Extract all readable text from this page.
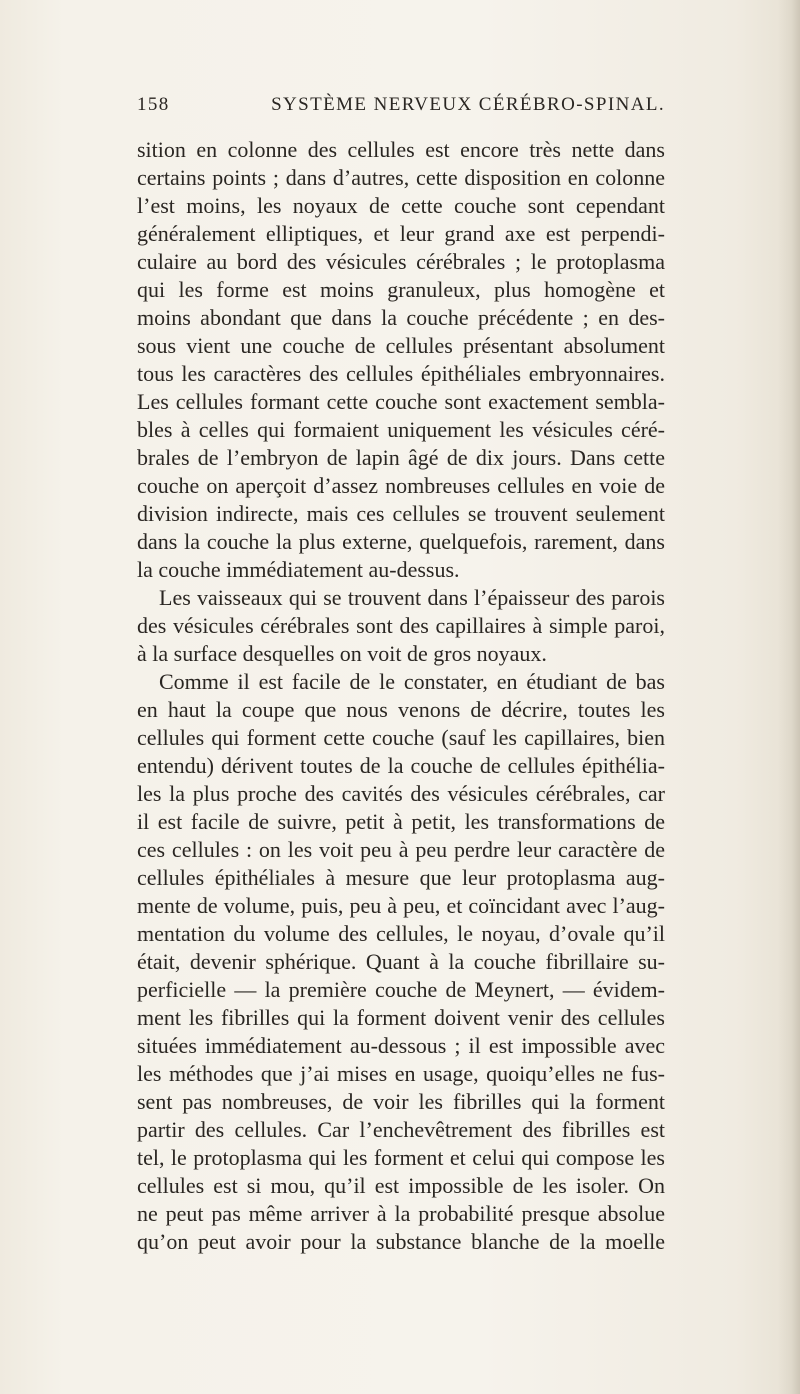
158	SYSTÈME NERVEUX CÉRÉBRO-SPINAL.
sition en colonne des cellules est encore très nette dans
certains points ; dans d’autres, cette disposition en colonne
l’est moins, les noyaux de cette couche sont cependant
généralement elliptiques, et leur grand axe est perpendi-
culaire au bord des vésicules cérébrales ; le protoplasma
qui les forme est moins granuleux, plus homogène et
moins abondant que dans la couche précédente ; en des-
sous vient une couche de cellules présentant absolument
tous les caractères des cellules épithéliales embryonnaires.
Les cellules formant cette couche sont exactement sembla-
bles à celles qui formaient uniquement les vésicules céré-
brales de l’embryon de lapin âgé de dix jours. Dans cette
couche on aperçoit d’assez nombreuses cellules en voie de
division indirecte, mais ces cellules se trouvent seulement
dans la couche la plus externe, quelquefois, rarement, dans
la couche immédiatement au-dessus.
Les vaisseaux qui se trouvent dans l’épaisseur des parois
des vésicules cérébrales sont des capillaires à simple paroi,
à la surface desquelles on voit de gros noyaux.
Comme il est facile de le constater, en étudiant de bas
en haut la coupe que nous venons de décrire, toutes les
cellules qui forment cette couche (sauf les capillaires, bien
entendu) dérivent toutes de la couche de cellules épithélia-
les la plus proche des cavités des vésicules cérébrales, car
il est facile de suivre, petit à petit, les transformations de
ces cellules : on les voit peu à peu perdre leur caractère de
cellules épithéliales à mesure que leur protoplasma aug-
mente de volume, puis, peu à peu, et coïncidant avec l’aug-
mentation du volume des cellules, le noyau, d’ovale qu’il
était, devenir sphérique. Quant à la couche fibrillaire su-
perficielle — la première couche de Meynert, — évidem-
ment les fibrilles qui la forment doivent venir des cellules
situées immédiatement au-dessous ; il est impossible avec
les méthodes que j’ai mises en usage, quoiqu’elles ne fus-
sent pas nombreuses, de voir les fibrilles qui la forment
partir des cellules. Car l’enchevêtrement des fibrilles est
tel, le protoplasma qui les forment et celui qui compose les
cellules est si mou, qu’il est impossible de les isoler. On
ne peut pas même arriver à la probabilité presque absolue
qu’on peut avoir pour la substance blanche de la moelle
